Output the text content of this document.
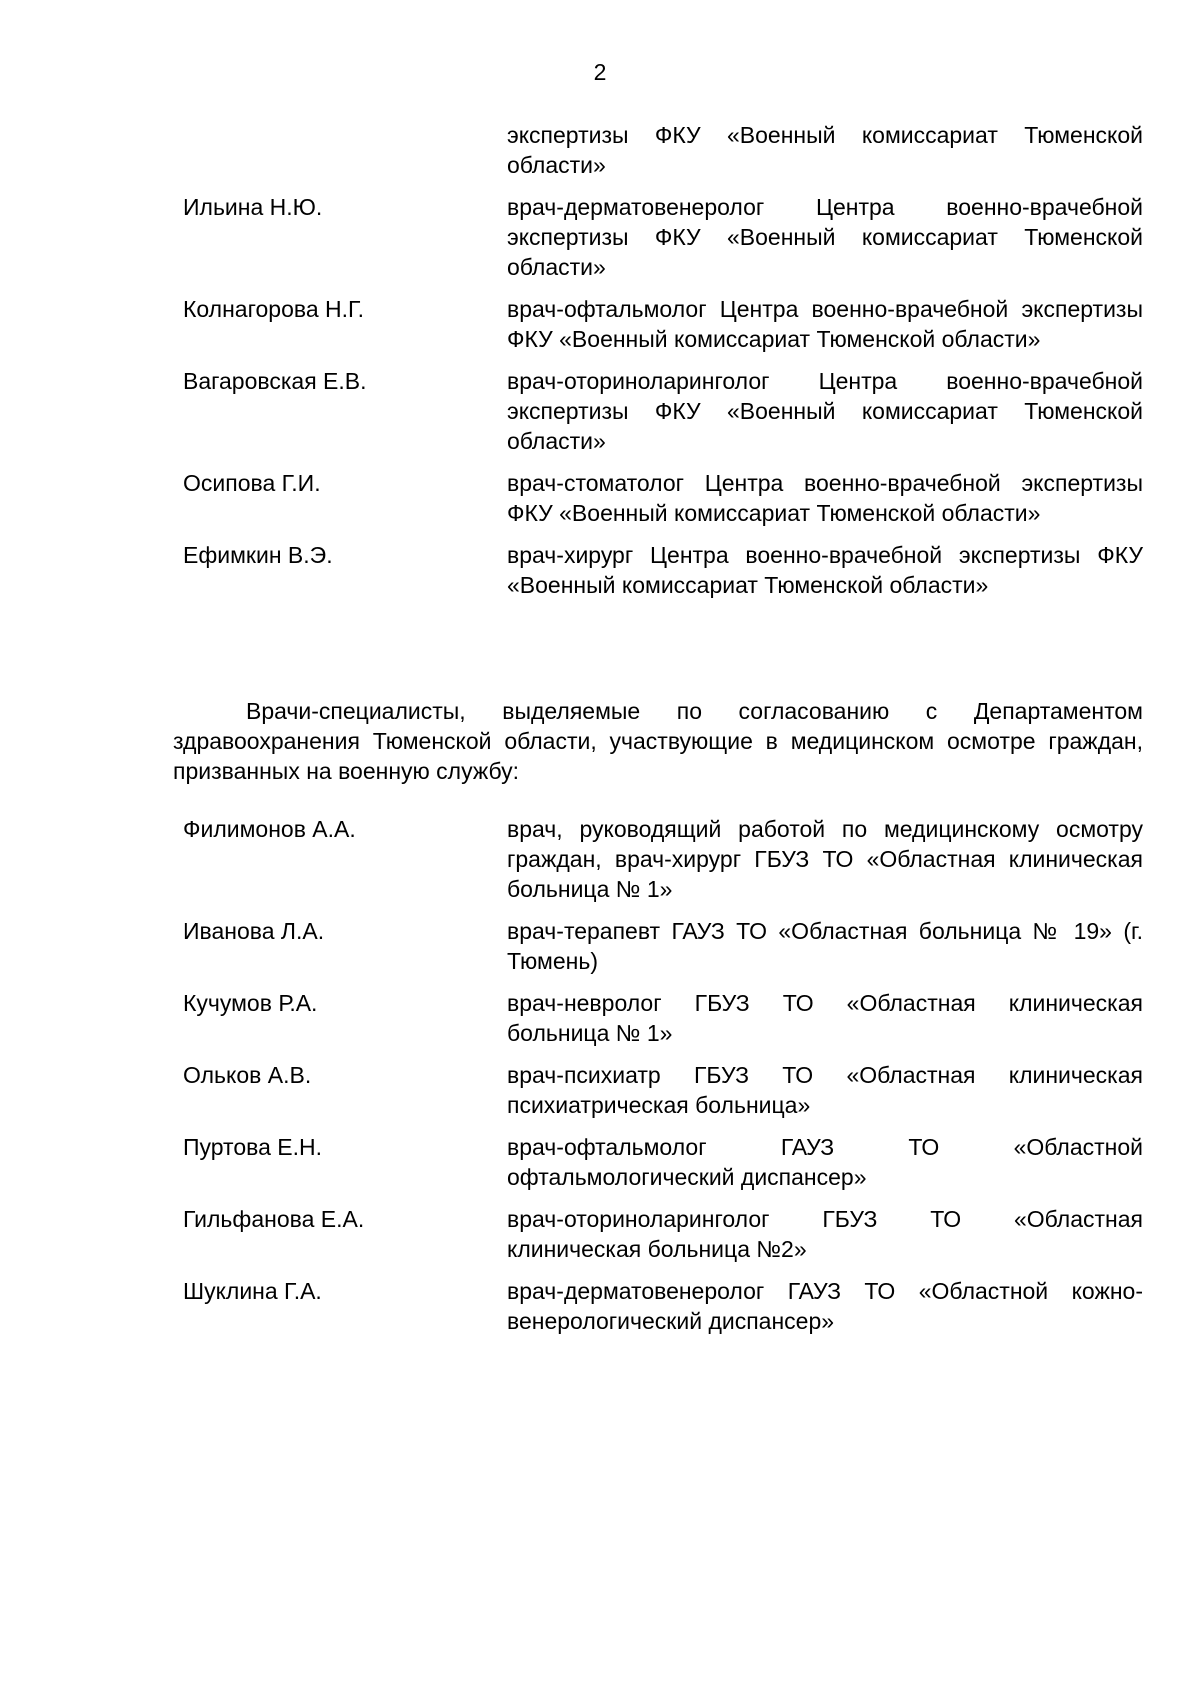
2
экспертизы ФКУ «Военный комиссариат Тюменской области»
Ильина Н.Ю.	врач-дерматовенеролог Центра военно-врачебной экспертизы ФКУ «Военный комиссариат Тюменской области»
Колнагорова Н.Г.	врач-офтальмолог Центра военно-врачебной экспертизы ФКУ «Военный комиссариат Тюменской области»
Вагаровская Е.В.	врач-оториноларинголог Центра военно-врачебной экспертизы ФКУ «Военный комиссариат Тюменской области»
Осипова Г.И.	врач-стоматолог Центра военно-врачебной экспертизы ФКУ «Военный комиссариат Тюменской области»
Ефимкин В.Э.	врач-хирург Центра военно-врачебной экспертизы ФКУ «Военный комиссариат Тюменской области»

Врачи-специалисты, выделяемые по согласованию с Департаментом здравоохранения Тюменской области, участвующие в медицинском осмотре граждан, призванных на военную службу:

Филимонов А.А.	врач, руководящий работой по медицинскому осмотру граждан, врач-хирург ГБУЗ ТО «Областная клиническая больница № 1»
Иванова Л.А.	врач-терапевт ГАУЗ ТО «Областная больница № 19» (г. Тюмень)
Кучумов Р.А.	врач-невролог ГБУЗ ТО «Областная клиническая больница № 1»
Ольков А.В.	врач-психиатр ГБУЗ ТО «Областная клиническая психиатрическая больница»
Пуртова Е.Н.	врач-офтальмолог ГАУЗ ТО «Областной офтальмологический диспансер»
Гильфанова Е.А.	врач-оториноларинголог ГБУЗ ТО «Областная клиническая больница №2»
Шуклина Г.А.	врач-дерматовенеролог ГАУЗ ТО «Областной кожно-венерологический диспансер»
